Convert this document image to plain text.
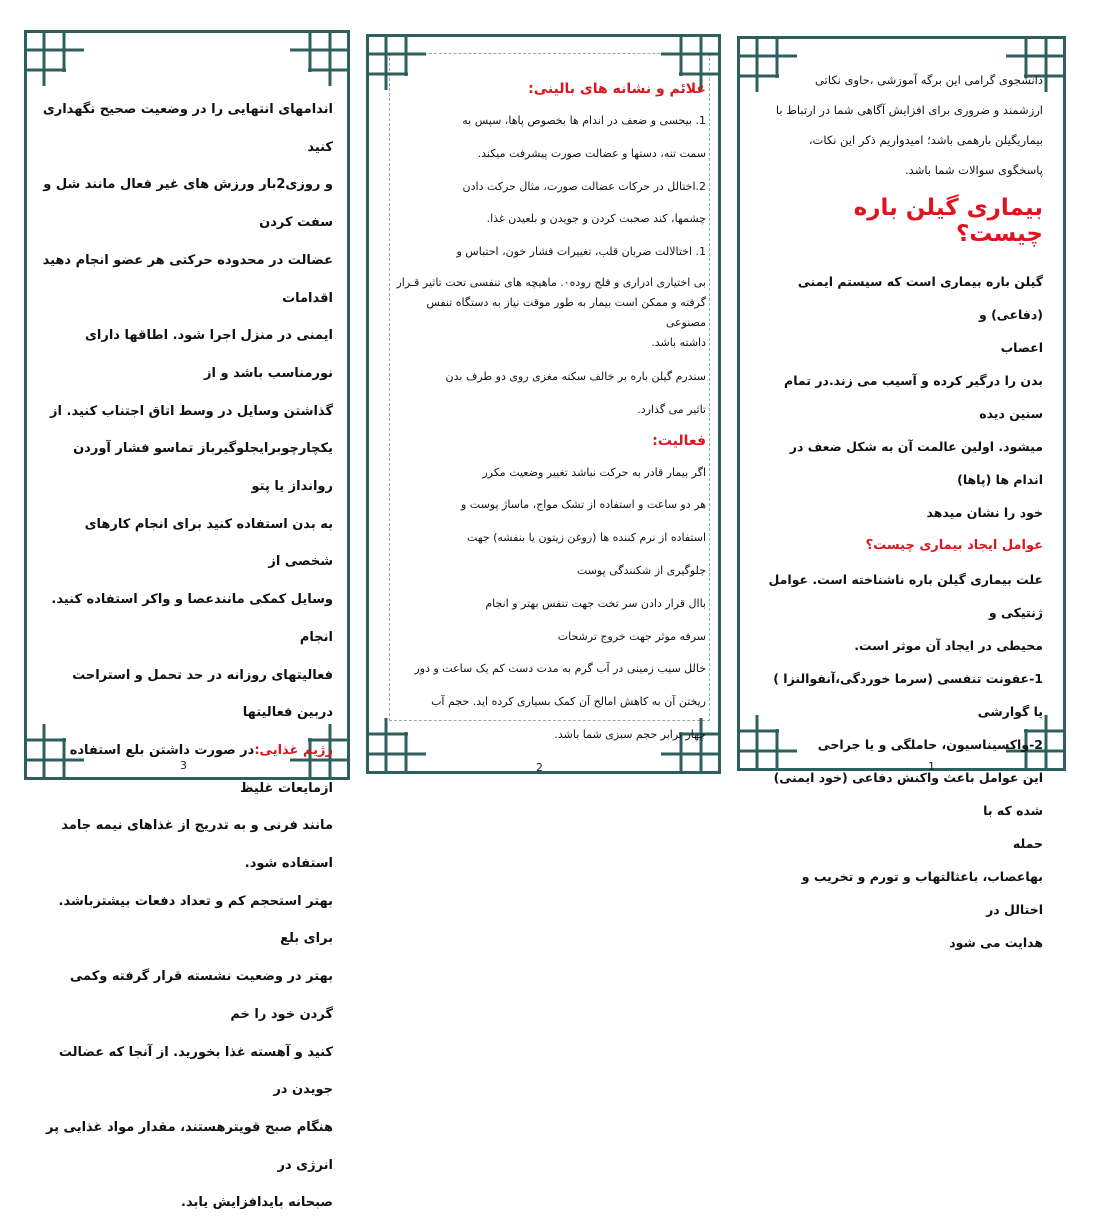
دانشجوی گرامی این برگه آموزشی ،حاوی نکاتی
ارزشمند و ضروری برای افزایش آگاهی شما در ارتباط با
بیماریگیلن بارهمی باشد؛ امیدواریم ذکر این نکات،
پاسخگوی سوالات شما باشد.
بیماری گیلن باره چیست؟
گیلن باره بیماری است که سیستم ایمنی (دفاعی) و
اعصاب
بدن را درگیر کرده و آسیب می زند.در تمام سنین دیده
میشود. اولین عالمت آن به شکل ضعف در اندام ها (پاها)
خود را نشان میدهد
عوامل ایجاد بیماری چیست؟
علت بیماری گیلن باره ناشناخته است. عوامل ژنتیکی و
محیطی در ایجاد آن موثر است.
1-عفونت تنفسی (سرما خوردگی،آنفوالنزا ) یا گوارشی
2-واکسیناسیون، حاملگی و یا جراحی
این عوامل باعث واکنش دفاعی (خود ایمنی) شده که با
حمله
بهاعصاب، باعثالتهاب و تورم و تخریب و اختالل در
هدایت می شود
1
علائم و نشانه های بالینی:
1. بیحسی و ضعف در اندام ها بخصوص پاها، سپس به
سمت تنه، دستها و عضالت صورت پیشرفت میکند.
2.اختالل در حرکات عضالت صورت، مثال حرکت دادن
چشمها، کند صحبت کردن و جویدن و بلعیدن غذا.
1. اختالالت ضربان قلب، تغییرات فشار خون، احتباس و
بی اختیاری ادراری و فلج روده۰. ماهیچه های تنفسی تحت تاثیر قـرار
گرفته و ممکن است بیمار به طور موقت نیاز به دستگاه تنفس مصنوعی
داشته باشد.
سندرم گیلن باره بر خالف سکته مغزی روی دو طرف بدن
تاثیر می گذارد.
فعالیت:
اگر بیمار قادر به حرکت نباشد تغییر وضعیت مکرر
هر دو ساعت و استفاده از تشک مواج، ماساژ پوست و
استفاده از نرم کننده ها (روغن زیتون یا بنفشه) جهت
جلوگیری از شکنندگی پوست
باال قرار دادن سر تخت جهت تنفس بهتر و انجام
سرفه موثر جهت خروج ترشحات
خالل سیب زمینی در آب گرم به مدت دست کم یک ساعت و دور
ریختن آن به کاهش امالح آن کمک بسیاری کرده اید. حجم آب
چهار برابر حجم سبزی شما باشد.
2
اندامهای انتهایی را در وضعیت صحیح نگهداری کنید
و روزی2بار ورزش های غیر فعال مانند شل و سفت کردن
عضالت در محدوده حرکتی هر عضو انجام دهید اقدامات
ایمنی در منزل اجرا شود. اطاقها دارای نورمناسب باشد و از
گذاشتن وسایل در وسط اتاق اجتناب کنید. از
یکچارچوبرایجلوگیرباز تماسو فشار آوردن روانداز یا پتو
به بدن استفاده کنید برای انجام کارهای شخصی از
وسایل کمکی مانندعصا و واکر استفاده کنید. انجام
فعالیتهای روزانه در حد تحمل و استراحت دربین فعالیتها
رژیم غذایی:در صورت داشتن بلع استفاده ازمایعات غلیظ
مانند فرنی و به تدریج از غذاهای نیمه جامد استفاده شود.
بهتر استحجم کم و تعداد دفعات بیشترباشد. برای بلع
بهتر در وضعیت نشسته قرار گرفته وکمی گردن خود را خم
کنید و آهسته غذا بخورید. از آنجا که عضالت جویدن در
هنگام صبح قویترهستند، مقدار مواد غذایی پر انرژی در
صبحانه بایدافزایش یابد.
3
